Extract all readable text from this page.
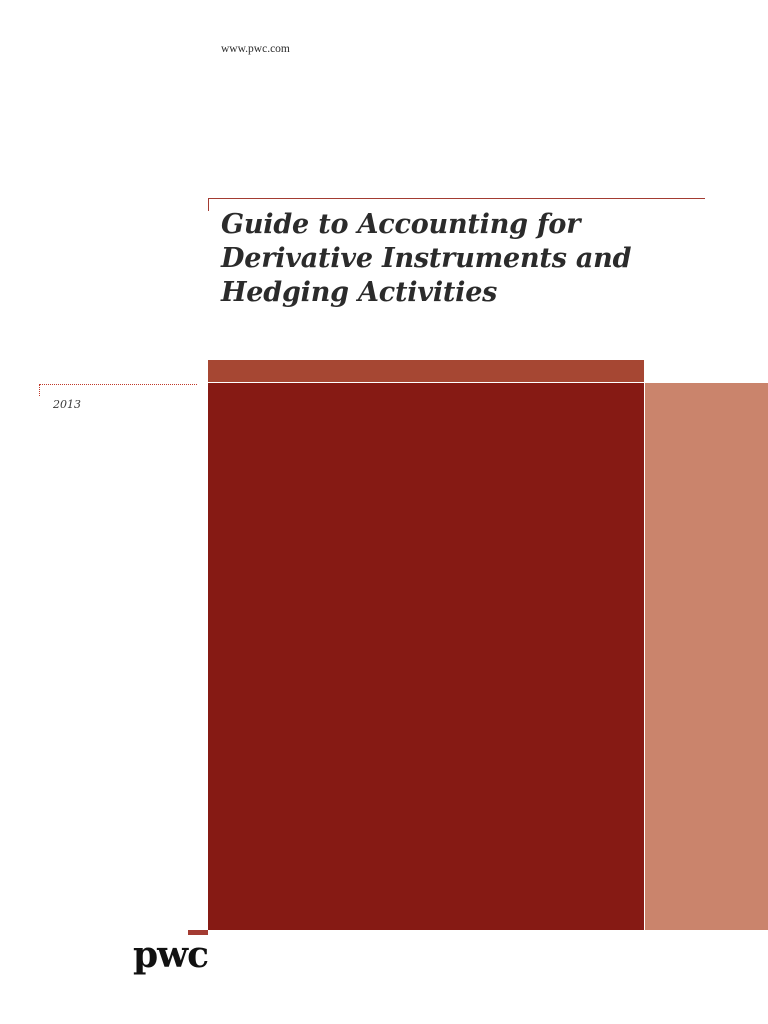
www.pwc.com
Guide to Accounting for
Derivative Instruments and
Hedging Activities
2013
pwc
